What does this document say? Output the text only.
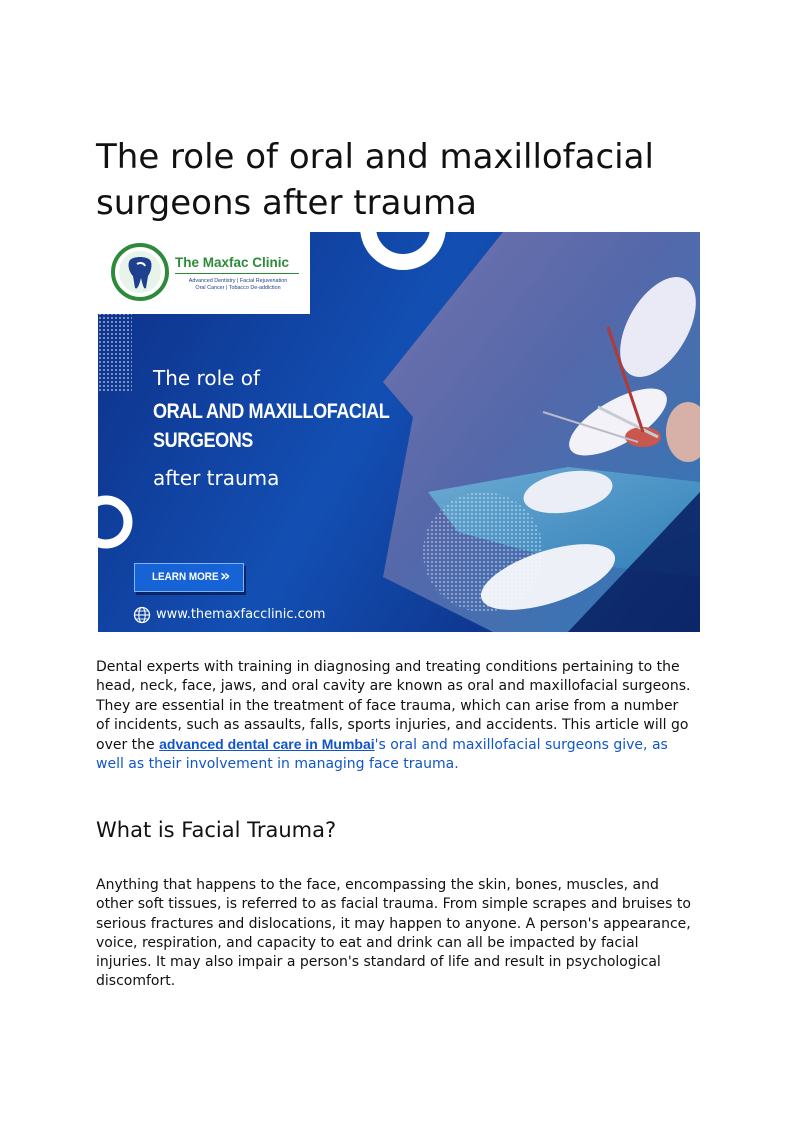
The role of oral and maxillofacial surgeons after trauma
The Maxfac Clinic
Advanced Dentistry | Facial Rejuvenation
Oral Cancer | Tobacco De-addiction
The role of
ORAL AND MAXILLOFACIAL
SURGEONS
after trauma
LEARN MORE »
www.themaxfacclinic.com

Dental experts with training in diagnosing and treating conditions pertaining to the head, neck, face, jaws, and oral cavity are known as oral and maxillofacial surgeons. They are essential in the treatment of face trauma, which can arise from a number of incidents, such as assaults, falls, sports injuries, and accidents. This article will go over the advanced dental care in Mumbai's oral and maxillofacial surgeons give, as well as their involvement in managing face trauma.

What is Facial Trauma?

Anything that happens to the face, encompassing the skin, bones, muscles, and other soft tissues, is referred to as facial trauma. From simple scrapes and bruises to serious fractures and dislocations, it may happen to anyone. A person's appearance, voice, respiration, and capacity to eat and drink can all be impacted by facial injuries. It may also impair a person's standard of life and result in psychological discomfort.
